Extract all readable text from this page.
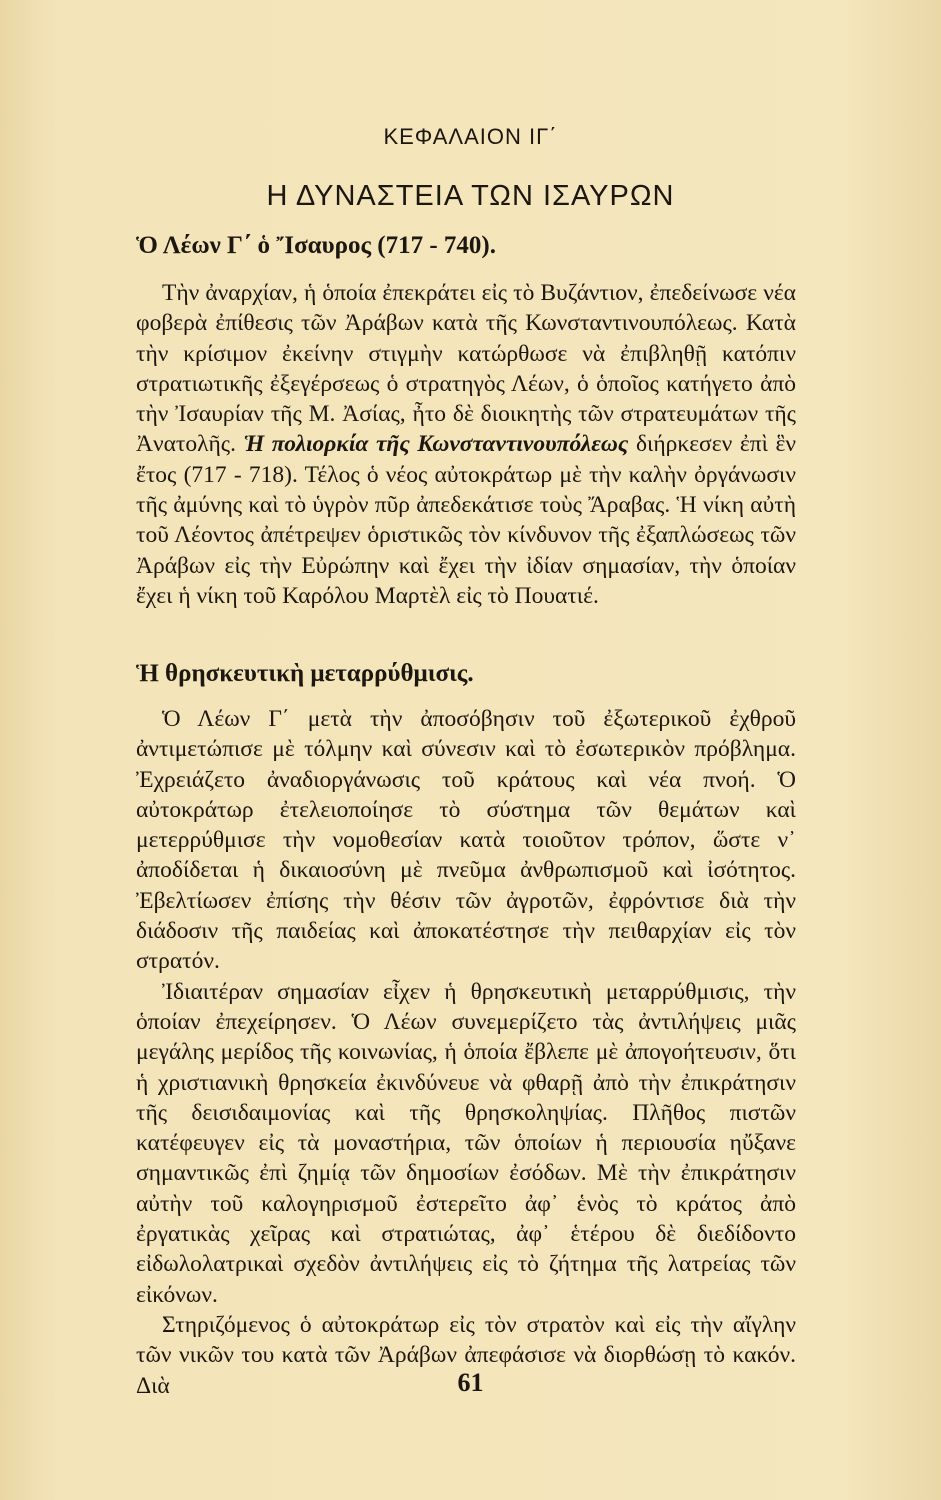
ΚΕΦΑΛΑΙΟΝ ΙΓ΄
Η ΔΥΝΑΣΤΕΙΑ ΤΩΝ ΙΣΑΥΡΩΝ
Ὁ Λέων Γ΄ ὁ Ἴσαυρος (717 - 740).

Τὴν ἀναρχίαν, ἡ ὁποία ἐπεκράτει εἰς τὸ Βυζάντιον, ἐπεδείνωσε νέα φοβερὰ ἐπίθεσις τῶν Ἀράβων κατὰ τῆς Κωνσταντινουπόλεως. Κατὰ τὴν κρίσιμον ἐκείνην στιγμὴν κατώρθωσε νὰ ἐπιβληθῇ κατόπιν στρατιωτικῆς ἐξεγέρσεως ὁ στρατηγὸς Λέων, ὁ ὁποῖος κατήγετο ἀπὸ τὴν Ἰσαυρίαν τῆς Μ. Ἀσίας, ἦτο δὲ διοικητὴς τῶν στρατευμάτων τῆς Ἀνατολῆς. Ἡ πολιορκία τῆς Κωνσταντινουπόλεως διήρκεσεν ἐπὶ ἓν ἔτος (717 - 718). Τέλος ὁ νέος αὐτοκράτωρ μὲ τὴν καλὴν ὀργάνωσιν τῆς ἀμύνης καὶ τὸ ὑγρὸν πῦρ ἀπεδεκάτισε τοὺς Ἄραβας. Ἡ νίκη αὐτὴ τοῦ Λέοντος ἀπέτρεψεν ὁριστικῶς τὸν κίνδυνον τῆς ἐξαπλώσεως τῶν Ἀράβων εἰς τὴν Εὐρώπην καὶ ἔχει τὴν ἰδίαν σημασίαν, τὴν ὁποίαν ἔχει ἡ νίκη τοῦ Καρόλου Μαρτὲλ εἰς τὸ Πουατιέ.

Ἡ θρησκευτικὴ μεταρρύθμισις.

Ὁ Λέων Γ΄ μετὰ τὴν ἀποσόβησιν τοῦ ἐξωτερικοῦ ἐχθροῦ ἀντιμετώπισε μὲ τόλμην καὶ σύνεσιν καὶ τὸ ἐσωτερικὸν πρόβλημα. Ἐχρειάζετο ἀναδιοργάνωσις τοῦ κράτους καὶ νέα πνοή. Ὁ αὐτοκράτωρ ἐτελειοποίησε τὸ σύστημα τῶν θεμάτων καὶ μετερρύθμισε τὴν νομοθεσίαν κατὰ τοιοῦτον τρόπον, ὥστε ν᾿ ἀποδίδεται ἡ δικαιοσύνη μὲ πνεῦμα ἀνθρωπισμοῦ καὶ ἰσότητος. Ἐβελτίωσεν ἐπίσης τὴν θέσιν τῶν ἀγροτῶν, ἐφρόντισε διὰ τὴν διάδοσιν τῆς παιδείας καὶ ἀποκατέστησε τὴν πειθαρχίαν εἰς τὸν στρατόν.

Ἰδιαιτέραν σημασίαν εἶχεν ἡ θρησκευτικὴ μεταρρύθμισις, τὴν ὁποίαν ἐπεχείρησεν. Ὁ Λέων συνεμερίζετο τὰς ἀντιλήψεις μιᾶς μεγάλης μερίδος τῆς κοινωνίας, ἡ ὁποία ἔβλεπε μὲ ἀπογοήτευσιν, ὅτι ἡ χριστιανικὴ θρησκεία ἐκινδύνευε νὰ φθαρῇ ἀπὸ τὴν ἐπικράτησιν τῆς δεισιδαιμονίας καὶ τῆς θρησκοληψίας. Πλῆθος πιστῶν κατέφευγεν εἰς τὰ μοναστήρια, τῶν ὁποίων ἡ περιουσία ηὔξανε σημαντικῶς ἐπὶ ζημίᾳ τῶν δημοσίων ἐσόδων. Μὲ τὴν ἐπικράτησιν αὐτὴν τοῦ καλογηρισμοῦ ἐστερεῖτο ἀφ᾿ ἑνὸς τὸ κράτος ἀπὸ ἐργατικὰς χεῖρας καὶ στρατιώτας, ἀφ᾿ ἑτέρου δὲ διεδίδοντο εἰδωλολατρικαὶ σχεδὸν ἀντιλήψεις εἰς τὸ ζήτημα τῆς λατρείας τῶν εἰκόνων.

Στηριζόμενος ὁ αὐτοκράτωρ εἰς τὸν στρατὸν καὶ εἰς τὴν αἴγλην τῶν νικῶν του κατὰ τῶν Ἀράβων ἀπεφάσισε νὰ διορθώσῃ τὸ κακόν. Διὰ	61
